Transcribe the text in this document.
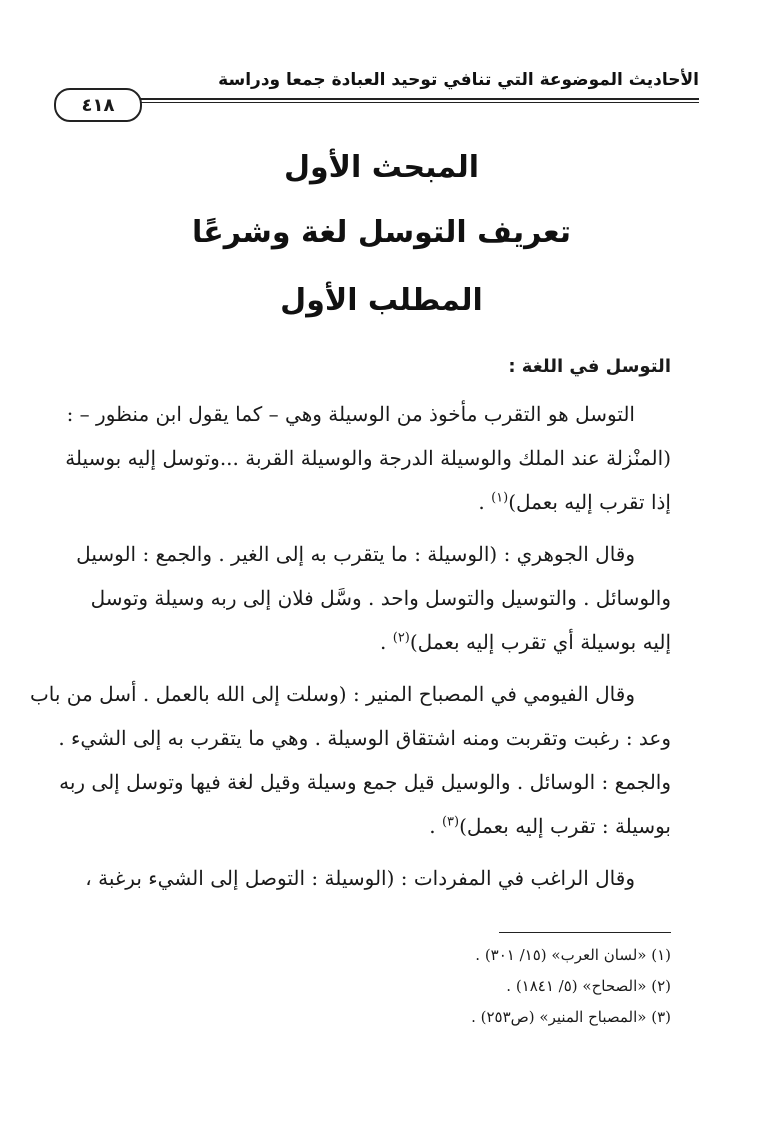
الأحاديث الموضوعة التي تنافي توحيد العبادة جمعا ودراسة
٤١٨
المبحث الأول
تعريف التوسل لغة وشرعًا
المطلب الأول
التوسل في اللغة :
التوسل هو التقرب مأخوذ من الوسيلة وهي – كما يقول ابن منظور – :
(المنْزلة عند الملك والوسيلة الدرجة والوسيلة القربة ...وتوسل إليه بوسيلة
إذا تقرب إليه بعمل)$^{(١)}$ .
وقال الجوهري : (الوسيلة : ما يتقرب به إلى الغير . والجمع : الوسيل
والوسائل . والتوسيل والتوسل واحد . وسَّل فلان إلى ربه وسيلة وتوسل
إليه بوسيلة أي تقرب إليه بعمل)$^{(٢)}$ .
وقال الفيومي في المصباح المنير : (وسلت إلى الله بالعمل . أسل من باب
وعد : رغبت وتقربت ومنه اشتقاق الوسيلة . وهي ما يتقرب به إلى الشيء .
والجمع : الوسائل . والوسيل قيل جمع وسيلة وقيل لغة فيها وتوسل إلى ربه
بوسيلة : تقرب إليه بعمل)$^{(٣)}$ .
وقال الراغب في المفردات : (الوسيلة : التوصل إلى الشيء برغبة ،
(١) «لسان العرب» (١٥/ ٣٠١) .
(٢) «الصحاح» (٥/ ١٨٤١) .
(٣) «المصباح المنير» (ص٢٥٣) .
